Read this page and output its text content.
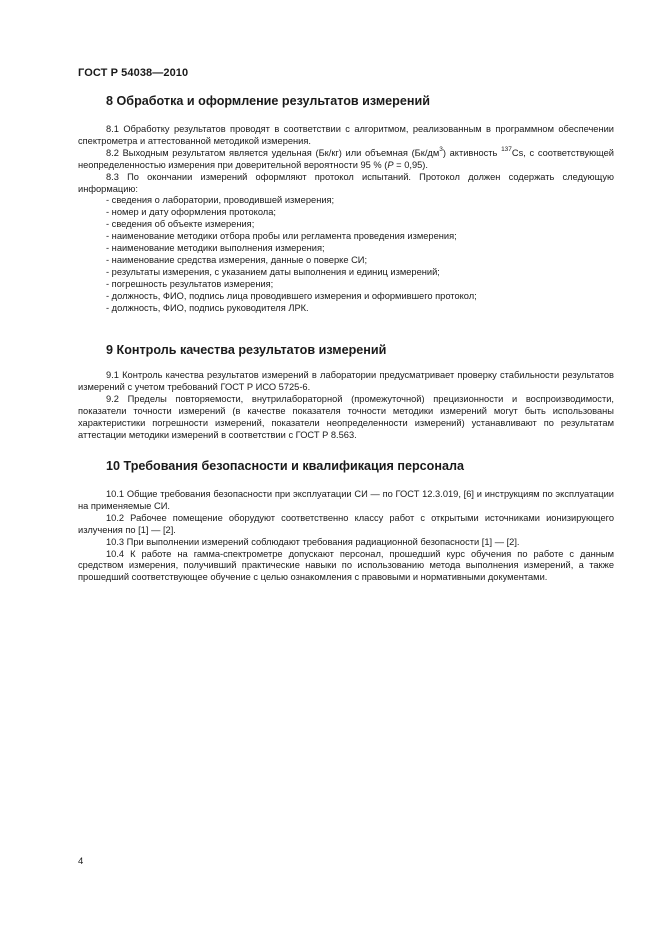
ГОСТ Р 54038—2010
8 Обработка и оформление результатов измерений

8.1 Обработку результатов проводят в соответствии с алгоритмом, реализованным в программном обеспечении спектрометра и аттестованной методикой измерения.

8.2 Выходным результатом является удельная (Бк/кг) или объемная $(Бк/дм^3)$ активность $^{137}$Cs, с соответствующей неопределенностью измерения при доверительной вероятности 95 % (P = 0,95).

8.3 По окончании измерений оформляют протокол испытаний. Протокол должен содержать следующую информацию:

- сведения о лаборатории, проводившей измерения;
- номер и дату оформления протокола;
- сведения об объекте измерения;
- наименование методики отбора пробы или регламента проведения измерения;
- наименование методики выполнения измерения;
- наименование средства измерения, данные о поверке СИ;
- результаты измерения, с указанием даты выполнения и единиц измерений;
- погрешность результатов измерения;
- должность, ФИО, подпись лица проводившего измерения и оформившего протокол;
- должность, ФИО, подпись руководителя ЛРК.
9 Контроль качества результатов измерений

9.1 Контроль качества результатов измерений в лаборатории предусматривает проверку стабильности результатов измерений с учетом требований ГОСТ Р ИСО 5725-6.

9.2 Пределы повторяемости, внутрилабораторной (промежуточной) прецизионности и воспроизводимости, показатели точности измерений (в качестве показателя точности методики измерений могут быть использованы характеристики погрешности измерений, показатели неопределенности измерений) устанавливают по результатам аттестации методики измерений в соответствии с ГОСТ Р 8.563.

10 Требования безопасности и квалификация персонала

10.1 Общие требования безопасности при эксплуатации СИ — по ГОСТ 12.3.019, [6] и инструкциям по эксплуатации на применяемые СИ.

10.2 Рабочее помещение оборудуют соответственно классу работ с открытыми источниками ионизирующего излучения по [1] — [2].

10.3 При выполнении измерений соблюдают требования радиационной безопасности [1] — [2].

10.4 К работе на гамма-спектрометре допускают персонал, прошедший курс обучения по работе с данным средством измерения, получивший практические навыки по использованию метода выполнения измерений, а также прошедший соответствующее обучение с целью ознакомления с правовыми и нормативными документами.

4
